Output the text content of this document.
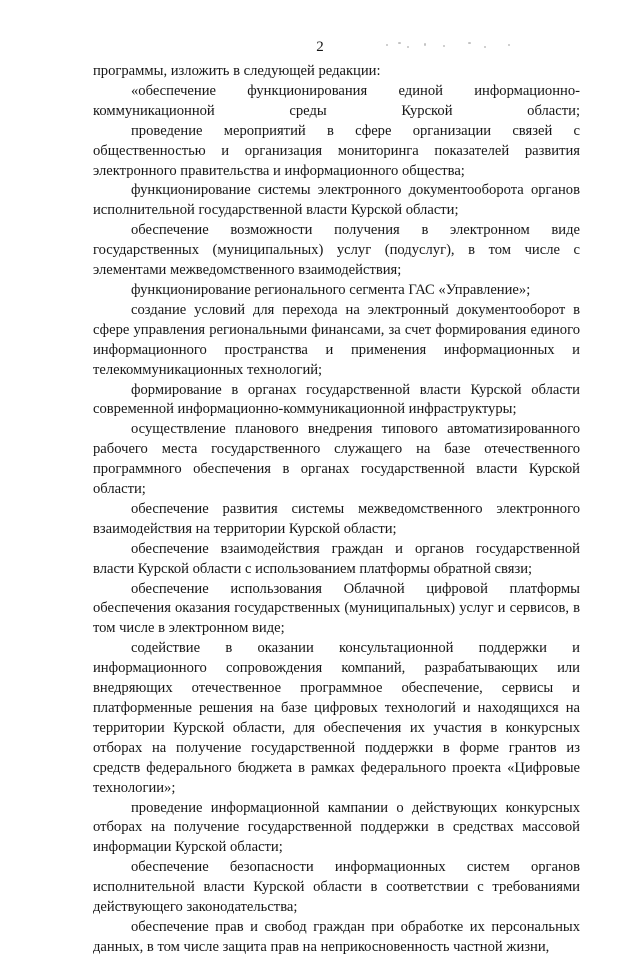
2

программы, изложить в следующей редакции:

«обеспечение функционирования единой информационно-коммуникационной среды Курской области;

проведение мероприятий в сфере организации связей с общественностью и организация мониторинга показателей развития электронного правительства и информационного общества;

функционирование системы электронного документооборота органов исполнительной государственной власти Курской области;

обеспечение возможности получения в электронном виде государственных (муниципальных) услуг (подуслуг), в том числе с элементами межведомственного взаимодействия;

функционирование регионального сегмента ГАС «Управление»;

создание условий для перехода на электронный документооборот в сфере управления региональными финансами, за счет формирования единого информационного пространства и применения информационных и телекоммуникационных технологий;

формирование в органах государственной власти Курской области современной информационно-коммуникационной инфраструктуры;

осуществление планового внедрения типового автоматизированного рабочего места государственного служащего на базе отечественного программного обеспечения в органах государственной власти Курской области;

обеспечение развития системы межведомственного электронного взаимодействия на территории Курской области;

обеспечение взаимодействия граждан и органов государственной власти Курской области с использованием платформы обратной связи;

обеспечение использования Облачной цифровой платформы обеспечения оказания государственных (муниципальных) услуг и сервисов, в том числе в электронном виде;

содействие в оказании консультационной поддержки и информационного сопровождения компаний, разрабатывающих или внедряющих отечественное программное обеспечение, сервисы и платформенные решения на базе цифровых технологий и находящихся на территории Курской области, для обеспечения их участия в конкурсных отборах на получение государственной поддержки в форме грантов из средств федерального бюджета в рамках федерального проекта «Цифровые технологии»;

проведение информационной кампании о действующих конкурсных отборах на получение государственной поддержки в средствах массовой информации Курской области;

обеспечение безопасности информационных систем органов исполнительной власти Курской области в соответствии с требованиями действующего законодательства;

обеспечение прав и свобод граждан при обработке их персональных данных, в том числе защита прав на неприкосновенность частной жизни,
